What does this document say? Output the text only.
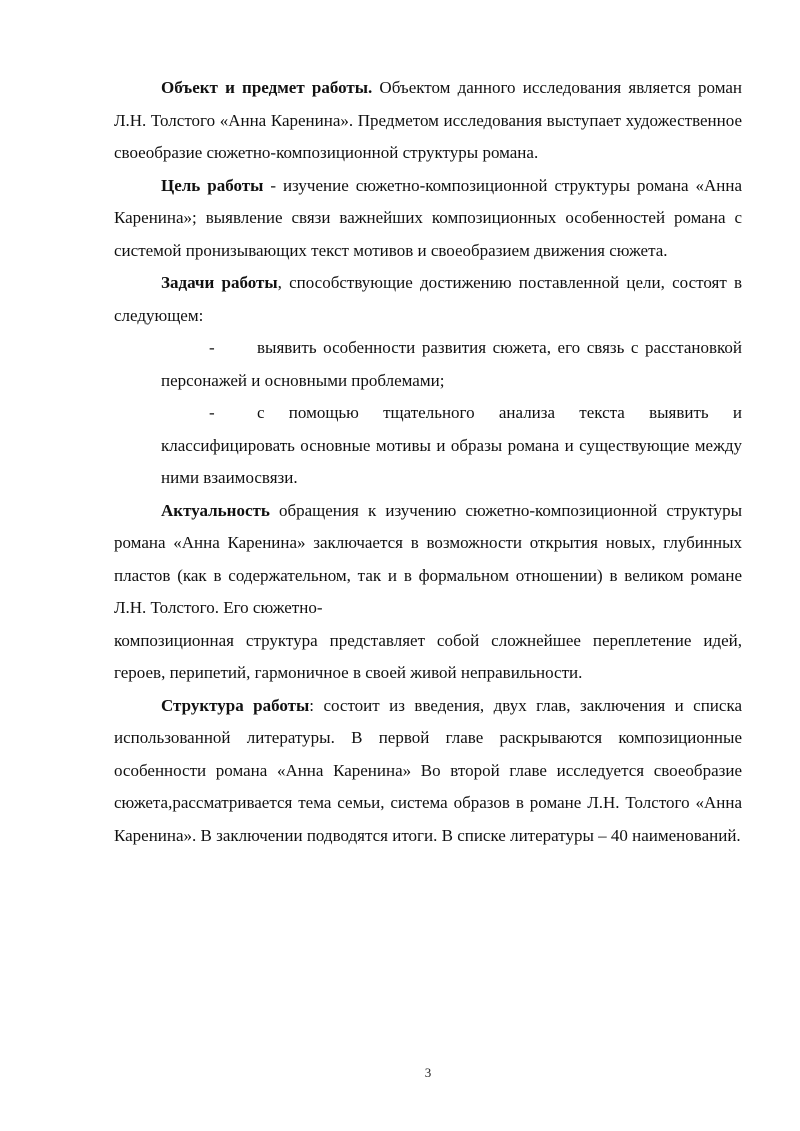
Объект и предмет работы. Объектом данного исследования является роман Л.Н. Толстого «Анна Каренина». Предметом исследования выступает художественное своеобразие сюжетно-композиционной структуры романа.

Цель работы - изучение сюжетно-композиционной структуры романа «Анна Каренина»; выявление связи важнейших композиционных особенностей романа с системой пронизывающих текст мотивов и своеобразием движения сюжета.

Задачи работы, способствующие достижению поставленной цели, состоят в следующем:

- выявить особенности развития сюжета, его связь с расстановкой персонажей и основными проблемами;

- с помощью тщательного анализа текста выявить и классифицировать основные мотивы и образы романа и существующие между ними взаимосвязи.

Актуальность обращения к изучению сюжетно-композиционной структуры романа «Анна Каренина» заключается в возможности открытия новых, глубинных пластов (как в содержательном, так и в формальном отношении) в великом романе Л.Н. Толстого. Его сюжетно-

композиционная структура представляет собой сложнейшее переплетение идей, героев, перипетий, гармоничное в своей живой неправильности.

Структура работы: состоит из введения, двух глав, заключения и списка использованной литературы. В первой главе раскрываются композиционные особенности романа «Анна Каренина» Во второй главе исследуется своеобразие сюжета,рассматривается тема семьи, система образов в романе Л.Н. Толстого «Анна Каренина». В заключении подводятся итоги. В списке литературы – 40 наименований.

3
